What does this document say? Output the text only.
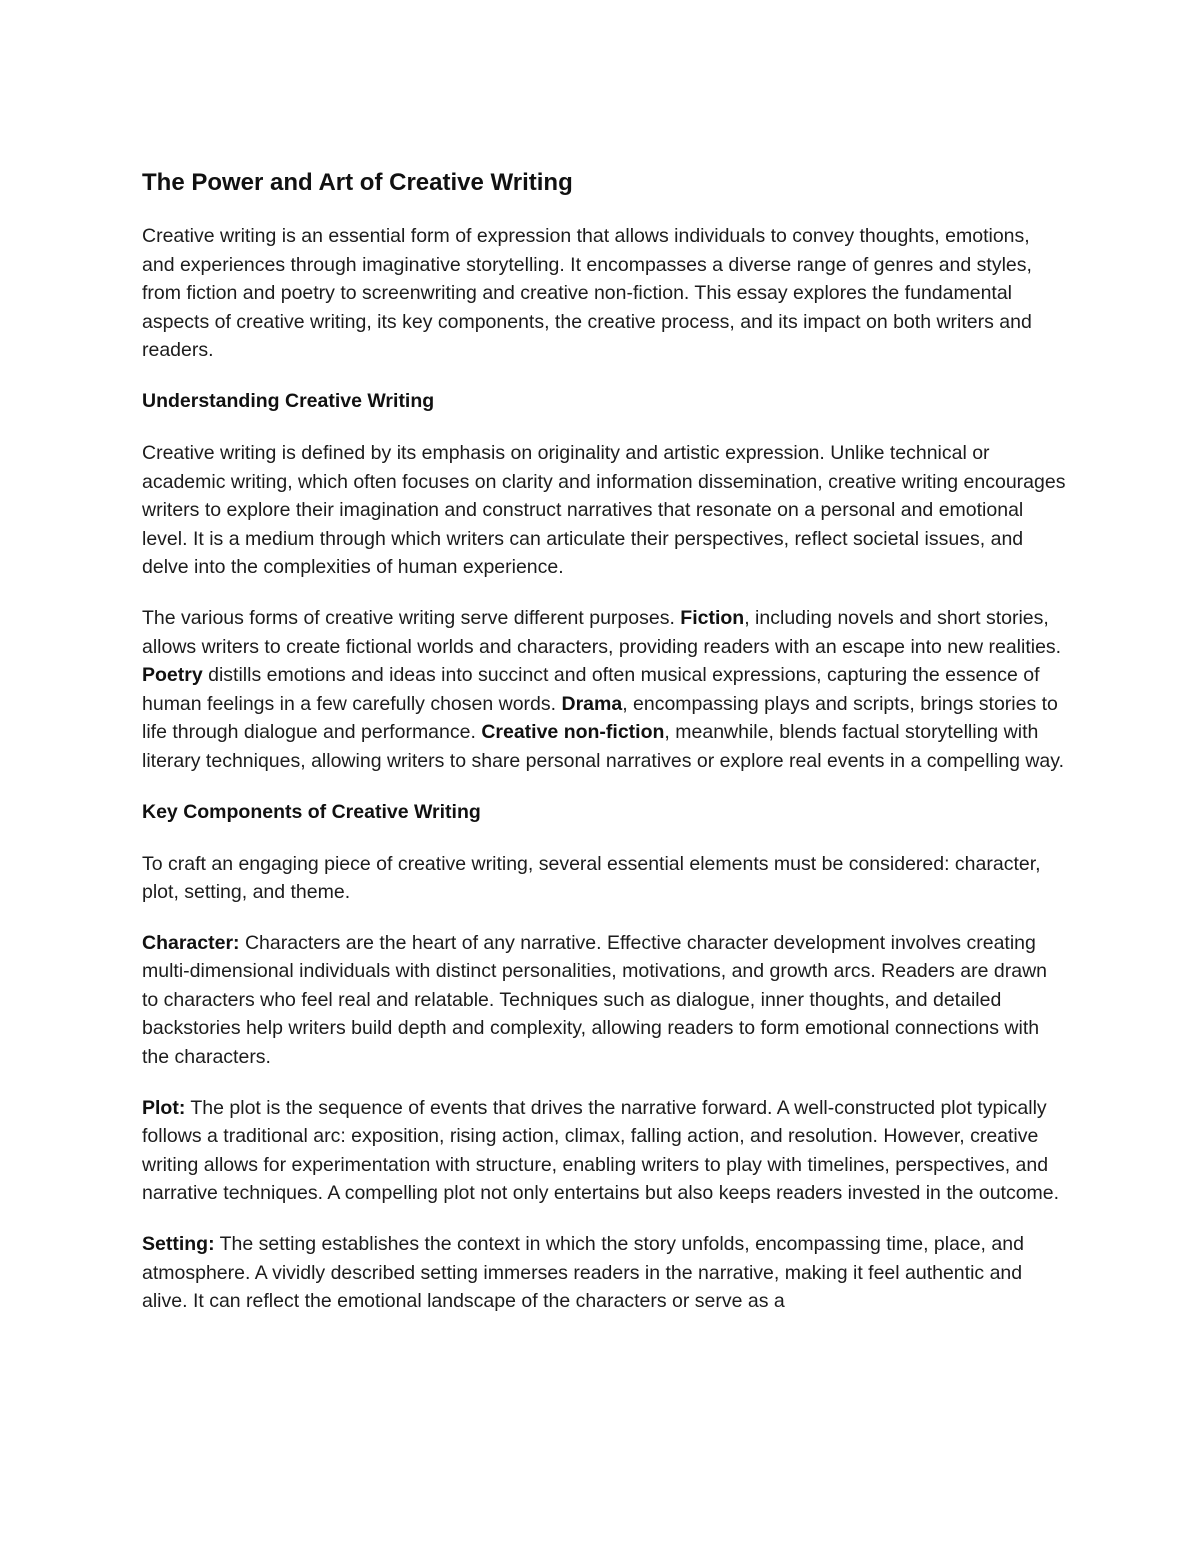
The Power and Art of Creative Writing

Creative writing is an essential form of expression that allows individuals to convey thoughts, emotions, and experiences through imaginative storytelling. It encompasses a diverse range of genres and styles, from fiction and poetry to screenwriting and creative non-fiction. This essay explores the fundamental aspects of creative writing, its key components, the creative process, and its impact on both writers and readers.

Understanding Creative Writing

Creative writing is defined by its emphasis on originality and artistic expression. Unlike technical or academic writing, which often focuses on clarity and information dissemination, creative writing encourages writers to explore their imagination and construct narratives that resonate on a personal and emotional level. It is a medium through which writers can articulate their perspectives, reflect societal issues, and delve into the complexities of human experience.

The various forms of creative writing serve different purposes. Fiction, including novels and short stories, allows writers to create fictional worlds and characters, providing readers with an escape into new realities. Poetry distills emotions and ideas into succinct and often musical expressions, capturing the essence of human feelings in a few carefully chosen words. Drama, encompassing plays and scripts, brings stories to life through dialogue and performance. Creative non-fiction, meanwhile, blends factual storytelling with literary techniques, allowing writers to share personal narratives or explore real events in a compelling way.

Key Components of Creative Writing

To craft an engaging piece of creative writing, several essential elements must be considered: character, plot, setting, and theme.

Character: Characters are the heart of any narrative. Effective character development involves creating multi-dimensional individuals with distinct personalities, motivations, and growth arcs. Readers are drawn to characters who feel real and relatable. Techniques such as dialogue, inner thoughts, and detailed backstories help writers build depth and complexity, allowing readers to form emotional connections with the characters.

Plot: The plot is the sequence of events that drives the narrative forward. A well-constructed plot typically follows a traditional arc: exposition, rising action, climax, falling action, and resolution. However, creative writing allows for experimentation with structure, enabling writers to play with timelines, perspectives, and narrative techniques. A compelling plot not only entertains but also keeps readers invested in the outcome.

Setting: The setting establishes the context in which the story unfolds, encompassing time, place, and atmosphere. A vividly described setting immerses readers in the narrative, making it feel authentic and alive. It can reflect the emotional landscape of the characters or serve as a
